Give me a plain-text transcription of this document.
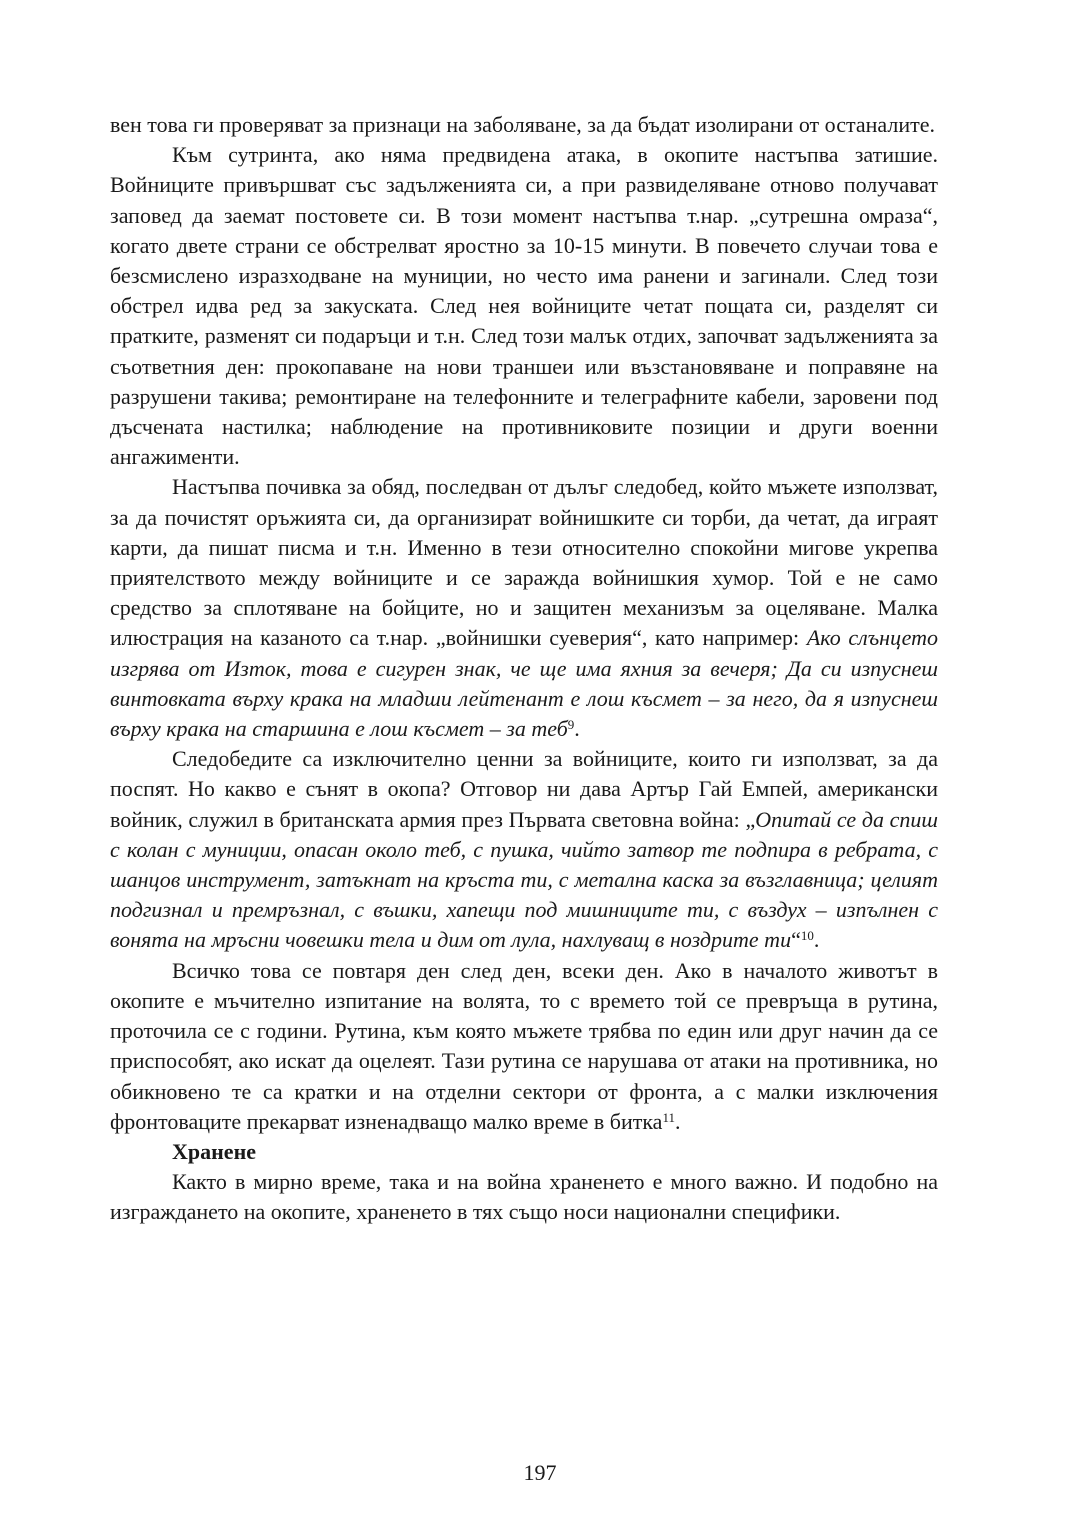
вен това ги проверяват за признаци на заболяване, за да бъдат изолирани от останалите.

Към сутринта, ако няма предвидена атака, в окопите настъпва затишие. Войниците привършват със задълженията си, а при развиделяване отново получават заповед да заемат постовете си. В този момент настъпва т.нар. „сутрешна омраза“, когато двете страни се обстрелват яростно за 10-15 минути. В повечето случаи това е безсмислено изразходване на муниции, но често има ранени и загинали. След този обстрел идва ред за закуската. След нея войниците четат пощата си, разделят си пратките, разменят си подаръци и т.н. След този малък отдих, започват задълженията за съответния ден: прокопаване на нови траншеи или възстановяване и поправяне на разрушени такива; ремонтиране на телефонните и телеграфните кабели, заровени под дъсчената настилка; наблюдение на противниковите позиции и други военни ангажименти.

Настъпва почивка за обяд, последван от дълъг следобед, който мъжете използват, за да почистят оръжията си, да организират войнишките си торби, да четат, да играят карти, да пишат писма и т.н. Именно в тези относително спокойни мигове укрепва приятелството между войниците и се заражда войнишкия хумор. Той е не само средство за сплотяване на бойците, но и защитен механизъм за оцеляване. Малка илюстрация на казаното са т.нар. „войнишки суеверия“, като например: Ако слънцето изгрява от Изток, това е сигурен знак, че ще има яхния за вечеря; Да си изпуснеш винтовката върху крака на младши лейтенант е лош късмет – за него, да я изпуснеш върху крака на старшина е лош късмет – за теб$^9$.

Следобедите са изключително ценни за войниците, които ги използват, за да поспят. Но какво е сънят в окопа? Отговор ни дава Артър Гай Емпей, американски войник, служил в британската армия през Първата световна война: „Опитай се да спиш с колан с муниции, опасан около теб, с пушка, чийто затвор те подпира в ребрата, с шанцов инструмент, затъкнат на кръста ти, с метална каска за възглавница; целият подгизнал и премръзнал, с въшки, хапещи под мишниците ти, с въздух – изпълнен с вонята на мръсни човешки тела и дим от лула, нахлуващ в ноздрите ти“$^{10}$.

Всичко това се повтаря ден след ден, всеки ден. Ако в началото животът в окопите е мъчително изпитание на волята, то с времето той се превръща в рутина, проточила се с години. Рутина, към която мъжете трябва по един или друг начин да се приспособят, ако искат да оцелеят. Тази рутина се нарушава от атаки на противника, но обикновено те са кратки и на отделни сектори от фронта, а с малки изключения фронтоваците прекарват изненадващо малко време в битка$^{11}$.

Хранене

Както в мирно време, така и на война храненето е много важно. И подобно на изграждането на окопите, храненето в тях също носи национални специфики.

197
